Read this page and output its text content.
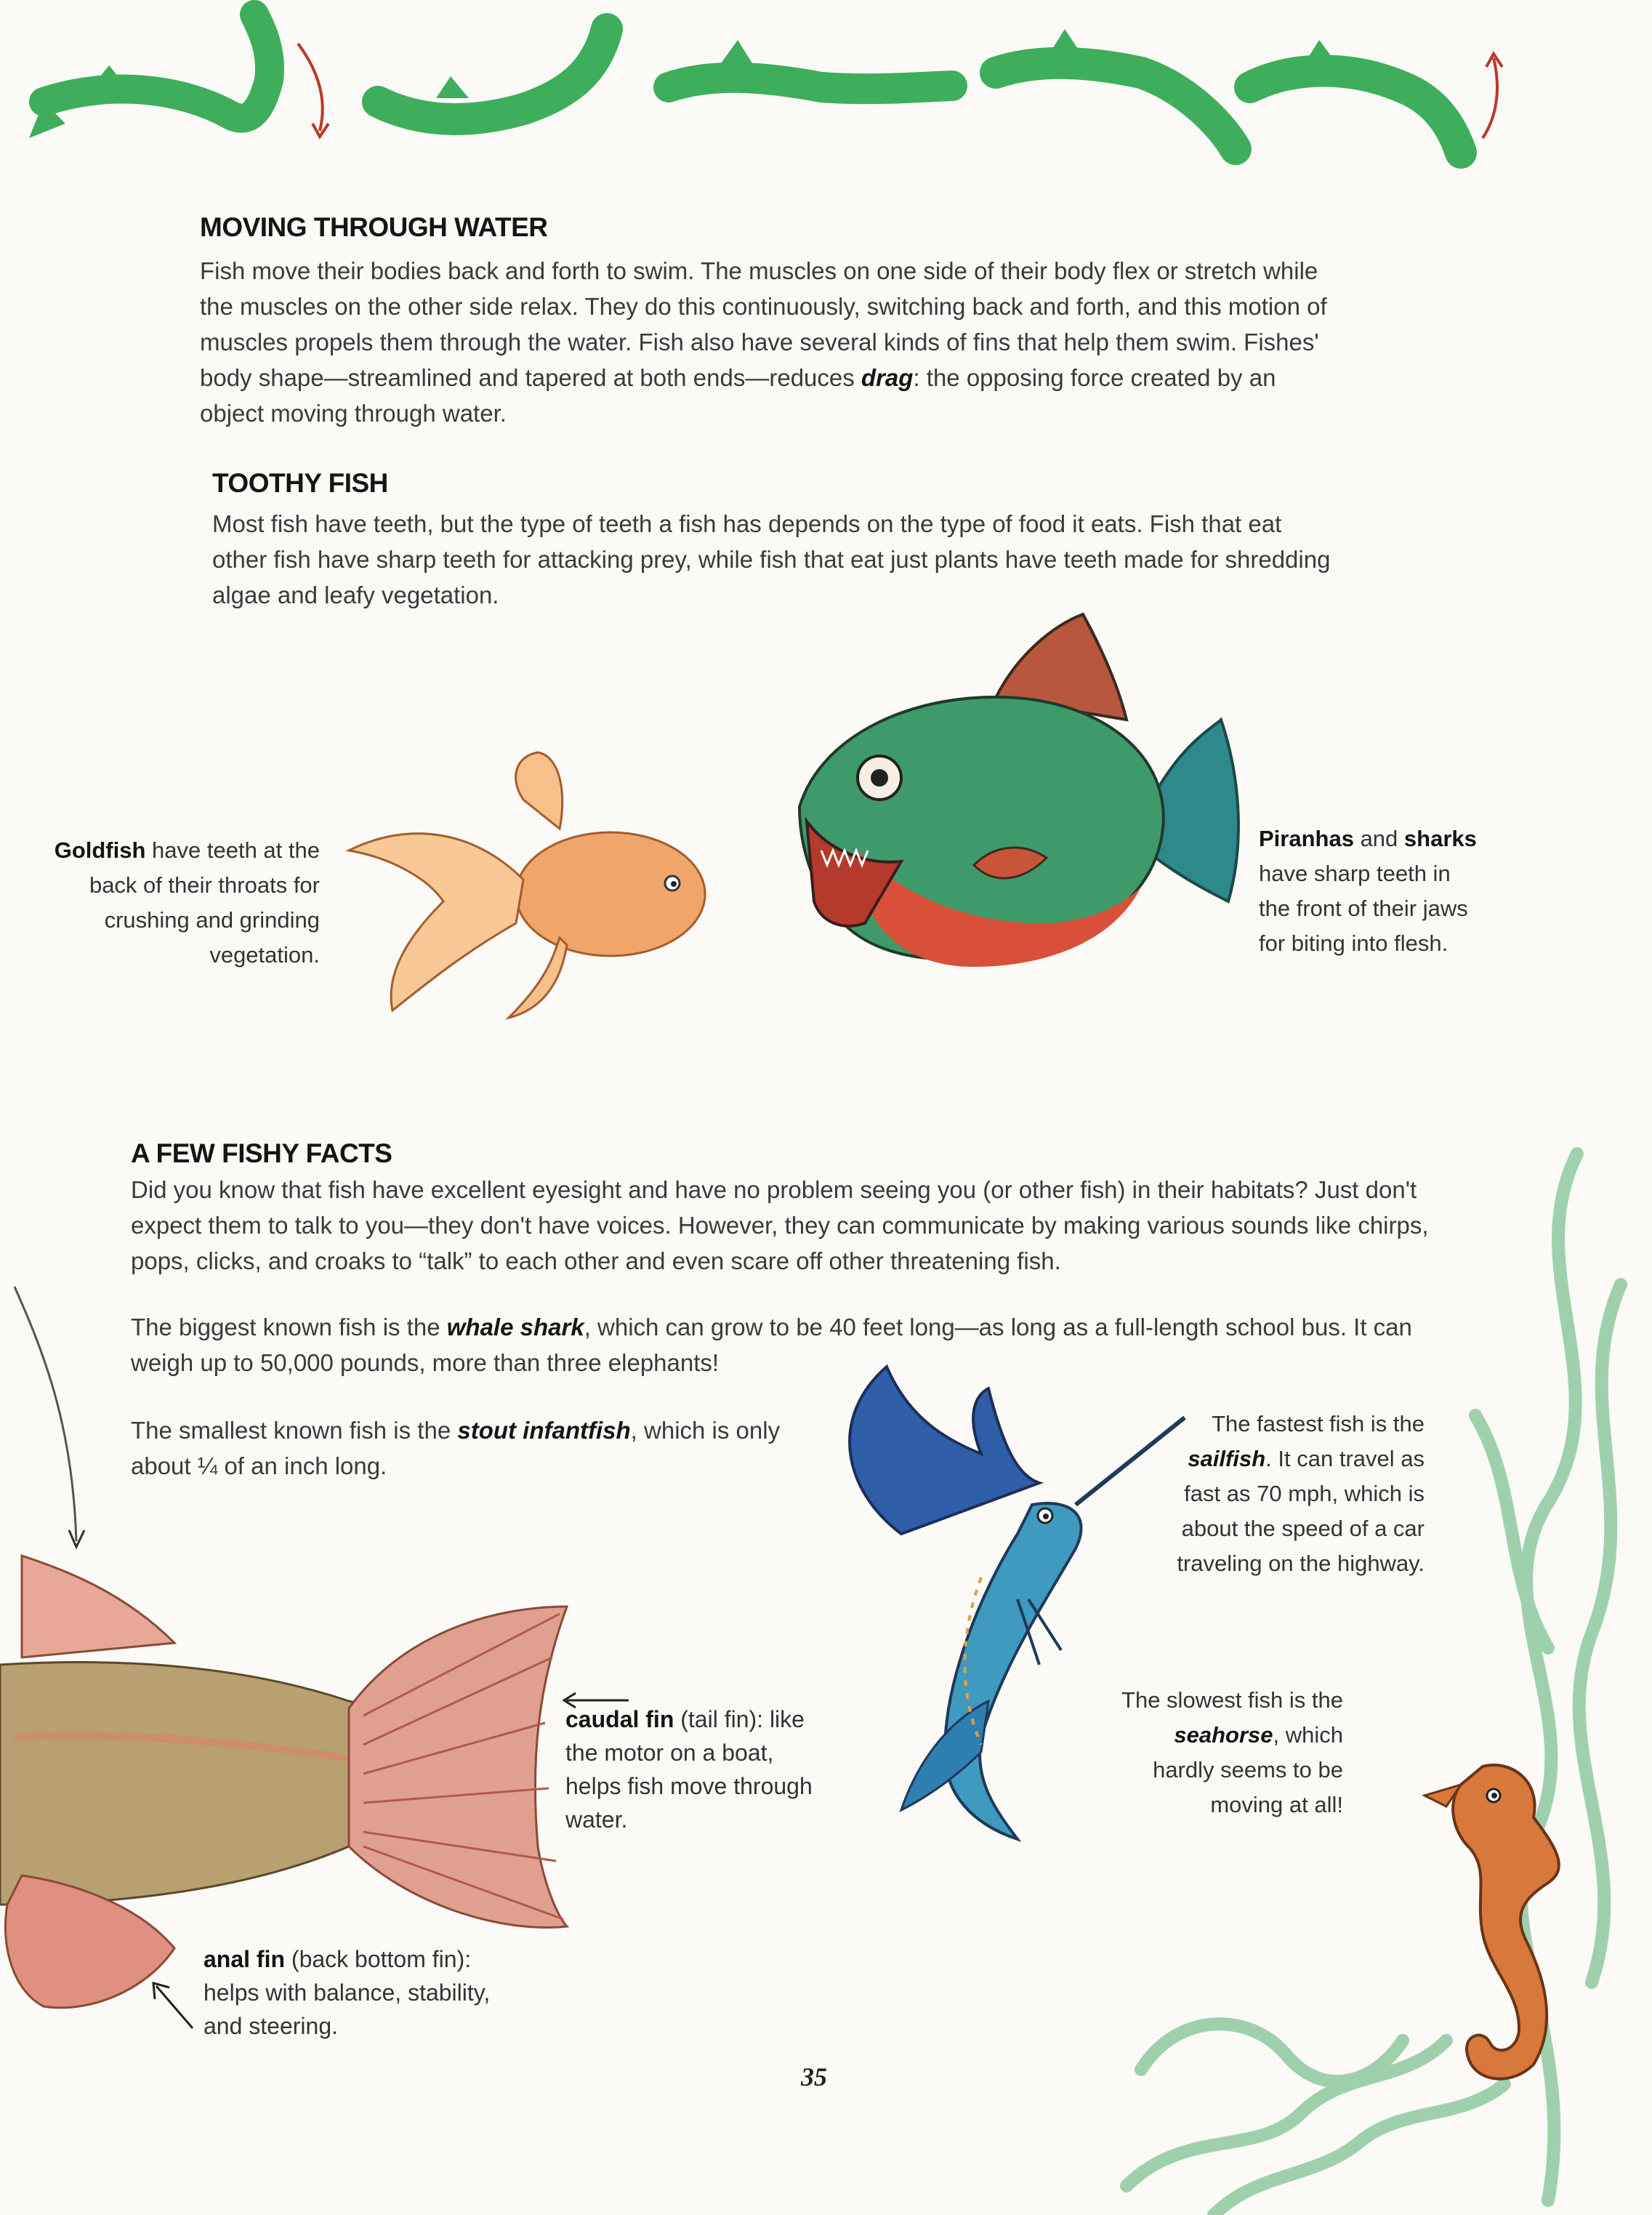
MOVING THROUGH WATER

Fish move their bodies back and forth to swim. The muscles on one side of their body flex or stretch while the muscles on the other side relax. They do this continuously, switching back and forth, and this motion of muscles propels them through the water. Fish also have several kinds of fins that help them swim. Fishes' body shape—streamlined and tapered at both ends—reduces drag: the opposing force created by an object moving through water.

TOOTHY FISH

Most fish have teeth, but the type of teeth a fish has depends on the type of food it eats. Fish that eat other fish have sharp teeth for attacking prey, while fish that eat just plants have teeth made for shredding algae and leafy vegetation.

Goldfish have teeth at the back of their throats for crushing and grinding vegetation.

Piranhas and sharks have sharp teeth in the front of their jaws for biting into flesh.

A FEW FISHY FACTS

Did you know that fish have excellent eyesight and have no problem seeing you (or other fish) in their habitats? Just don't expect them to talk to you—they don't have voices. However, they can communicate by making various sounds like chirps, pops, clicks, and croaks to “talk” to each other and even scare off other threatening fish.

The biggest known fish is the whale shark, which can grow to be 40 feet long—as long as a full-length school bus. It can weigh up to 50,000 pounds, more than three elephants!

The smallest known fish is the stout infantfish, which is only about ¼ of an inch long.

The fastest fish is the sailfish. It can travel as fast as 70 mph, which is about the speed of a car traveling on the highway.

The slowest fish is the seahorse, which hardly seems to be moving at all!

caudal fin (tail fin): like the motor on a boat, helps fish move through water.

anal fin (back bottom fin): helps with balance, stability, and steering.

35
